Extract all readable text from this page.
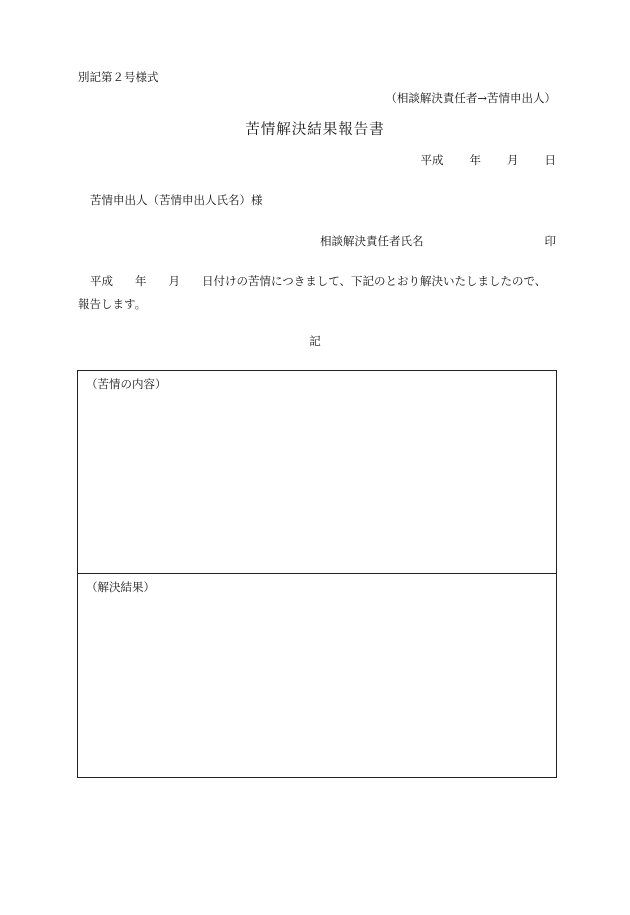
別記第２号様式
（相談解決責任者→苦情申出人）
苦情解決結果報告書
平成 年 月 日
苦情申出人（苦情申出人氏名）様
相談解決責任者氏名	印
平成 年 月 日付けの苦情につきまして、下記のとおり解決いたしましたので、報告します。
記
（苦情の内容）
（解決結果）
